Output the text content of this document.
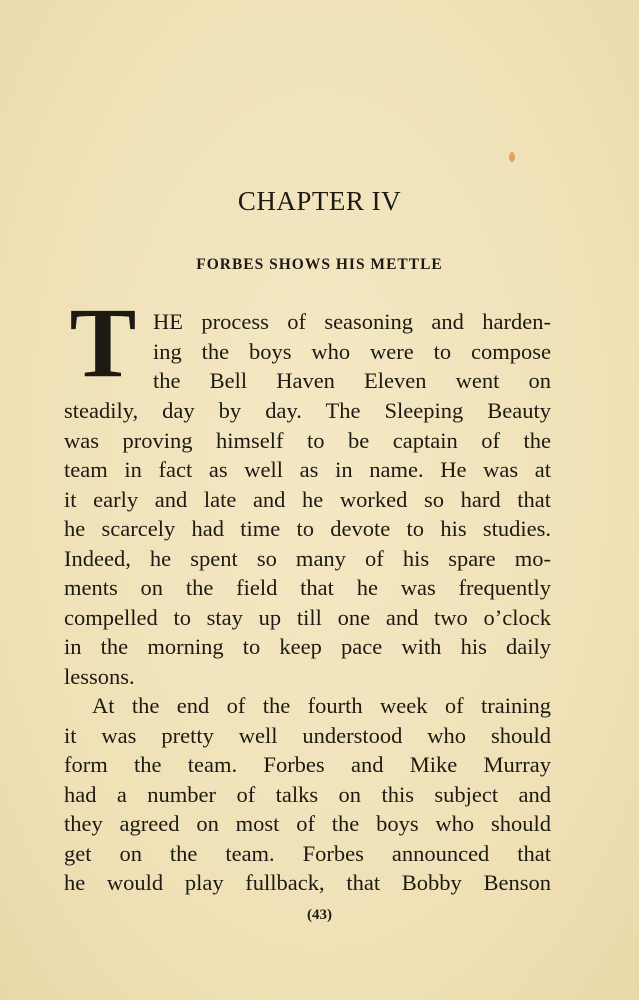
CHAPTER IV
FORBES SHOWS HIS METTLE
T HE process of seasoning and harden-
ing the boys who were to compose
the Bell Haven Eleven went on
steadily, day by day. The Sleeping Beauty
was proving himself to be captain of the
team in fact as well as in name. He was at
it early and late and he worked so hard that
he scarcely had time to devote to his studies.
Indeed, he spent so many of his spare mo-
ments on the field that he was frequently
compelled to stay up till one and two o’clock
in the morning to keep pace with his daily
lessons.
At the end of the fourth week of training
it was pretty well understood who should
form the team. Forbes and Mike Murray
had a number of talks on this subject and
they agreed on most of the boys who should
get on the team. Forbes announced that
he would play fullback, that Bobby Benson
(43)
